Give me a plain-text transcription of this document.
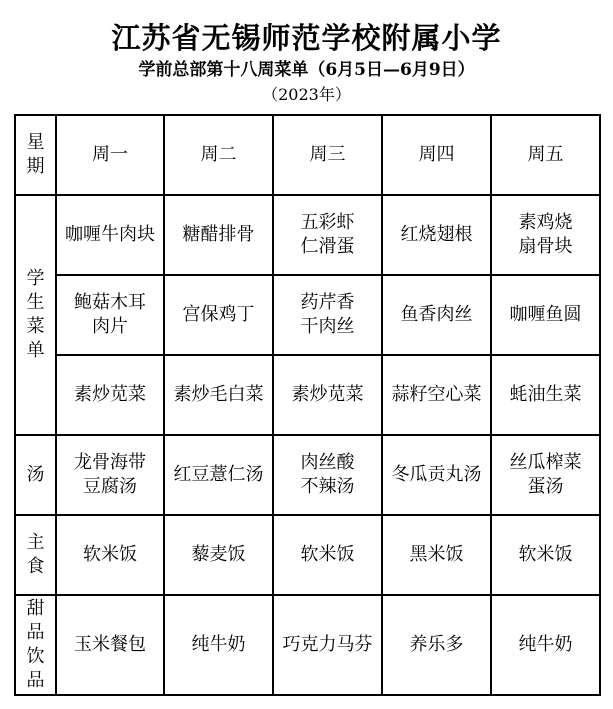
江苏省无锡师范学校附属小学
学前总部第十八周菜单（6月5日—6月9日）
（2023年）
星期	周一	周二	周三	周四	周五
学生菜单	咖喱牛肉块	糖醋排骨	五彩虾仁滑蛋	红烧翅根	素鸡烧扇骨块

	鲍菇木耳肉片	宫保鸡丁	药芹香干肉丝	鱼香肉丝	咖喱鱼圆

	素炒苋菜	素炒毛白菜	素炒苋菜	蒜籽空心菜	蚝油生菜

汤	龙骨海带豆腐汤	红豆薏仁汤	肉丝酸不辣汤	冬瓜贡丸汤	丝瓜榨菜蛋汤

主食	软米饭	藜麦饭	软米饭	黑米饭	软米饭

甜品饮品	玉米餐包	纯牛奶	巧克力马芬	养乐多	纯牛奶
